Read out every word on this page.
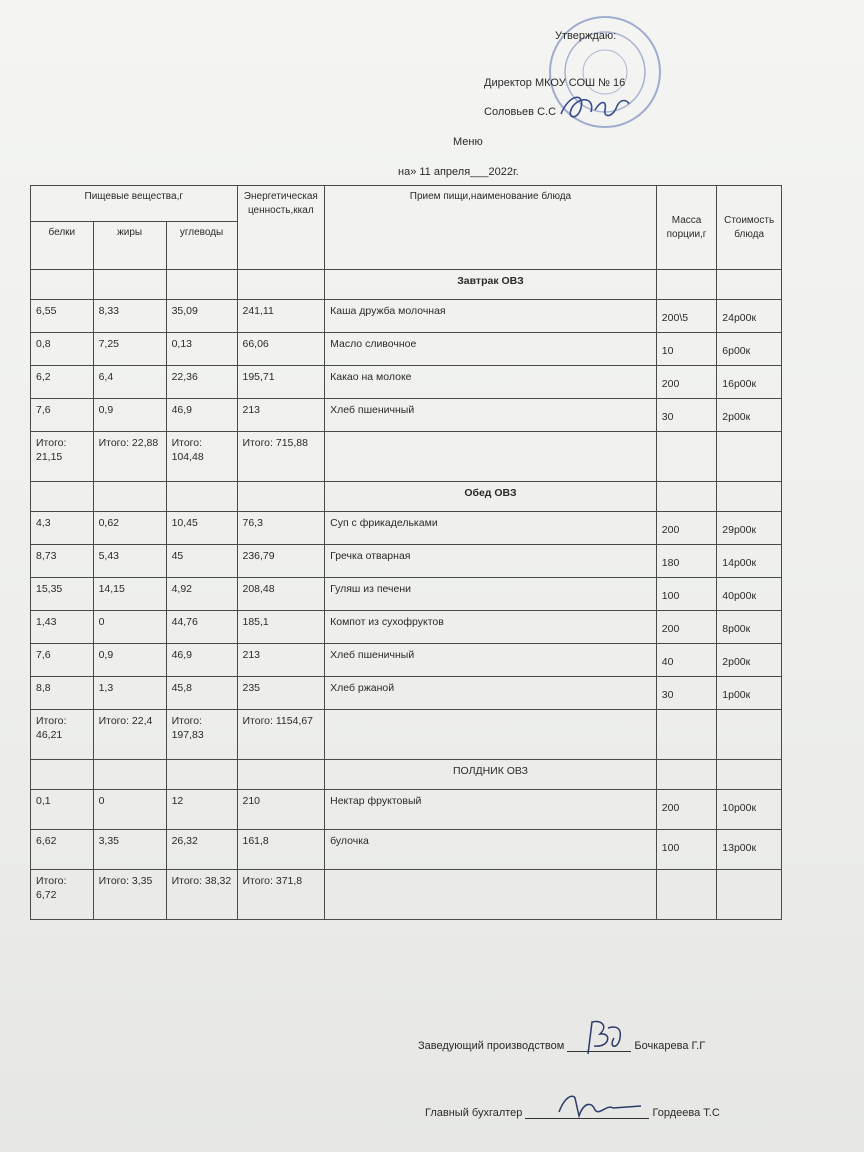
Утверждаю:
Директор МКОУ СОШ № 16
Соловьев С.С
Меню
на» 11 апреля___2022г.
Пищевые вещества,г			Энергетическая ценность,ккал	Прием пищи,наименование блюда	Масса порции,г	Стоимость блюда
белки	жиры	углеводы				
				Завтрак ОВЗ		
6,55	8,33	35,09	241,11	Каша дружба молочная	200\5	24р00к
0,8	7,25	0,13	66,06	Масло сливочное	10	6р00к
6,2	6,4	22,36	195,71	Какао на молоке	200	16р00к
7,6	0,9	46,9	213	Хлеб пшеничный	30	2р00к
Итого: 21,15	Итого: 22,88	Итого: 104,48	Итого: 715,88			
				Обед ОВЗ		
4,3	0,62	10,45	76,3	Суп с фрикадельками	200	29р00к
8,73	5,43	45	236,79	Гречка отварная	180	14р00к
15,35	14,15	4,92	208,48	Гуляш из печени	100	40р00к
1,43	0	44,76	185,1	Компот из сухофруктов	200	8р00к
7,6	0,9	46,9	213	Хлеб пшеничный	40	2р00к
8,8	1,3	45,8	235	Хлеб ржаной	30	1р00к
Итого: 46,21	Итого: 22,4	Итого: 197,83	Итого: 1154,67			
				ПОЛДНИК ОВЗ		
0,1	0	12	210	Нектар фруктовый	200	10р00к
6,62	3,35	26,32	161,8	булочка	100	13р00к
Итого: 6,72	Итого: 3,35	Итого: 38,32	Итого: 371,8			
Заведующий производством	Бочкарева Г.Г
Главный бухгалтер	Гордеева Т.С
